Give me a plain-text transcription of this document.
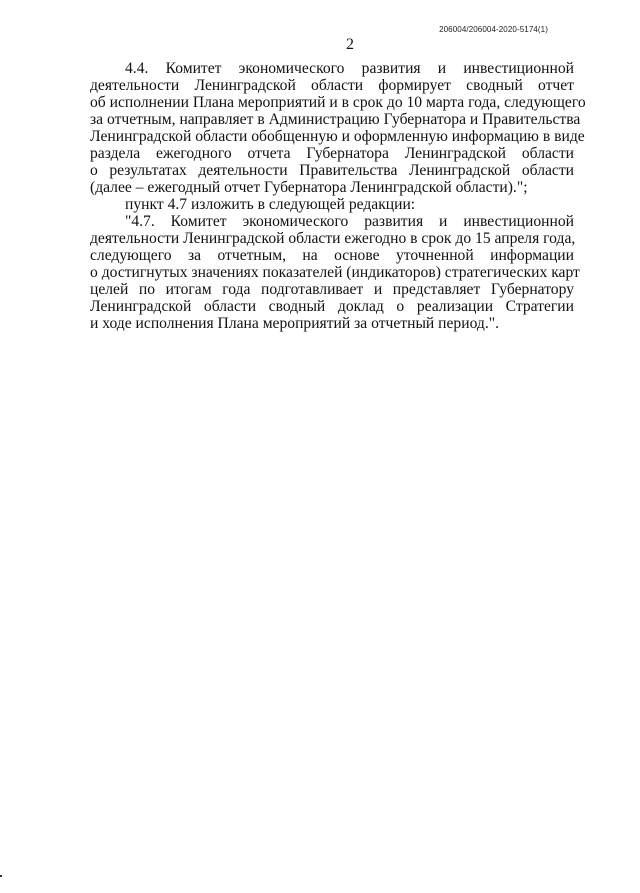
206004/206004-2020-5174(1)
2
4.4. Комитет экономического развития и инвестиционной
деятельности Ленинградской области формирует сводный отчет
об исполнении Плана мероприятий и в срок до 10 марта года, следующего
за отчетным, направляет в Администрацию Губернатора и Правительства
Ленинградской области обобщенную и оформленную информацию в виде
раздела ежегодного отчета Губернатора Ленинградской области
о результатах деятельности Правительства Ленинградской области
(далее – ежегодный отчет Губернатора Ленинградской области).";
пункт 4.7 изложить в следующей редакции:
"4.7. Комитет экономического развития и инвестиционной
деятельности Ленинградской области ежегодно в срок до 15 апреля года,
следующего за отчетным, на основе уточненной информации
о достигнутых значениях показателей (индикаторов) стратегических карт
целей по итогам года подготавливает и представляет Губернатору
Ленинградской области сводный доклад о реализации Стратегии
и ходе исполнения Плана мероприятий за отчетный период.".
